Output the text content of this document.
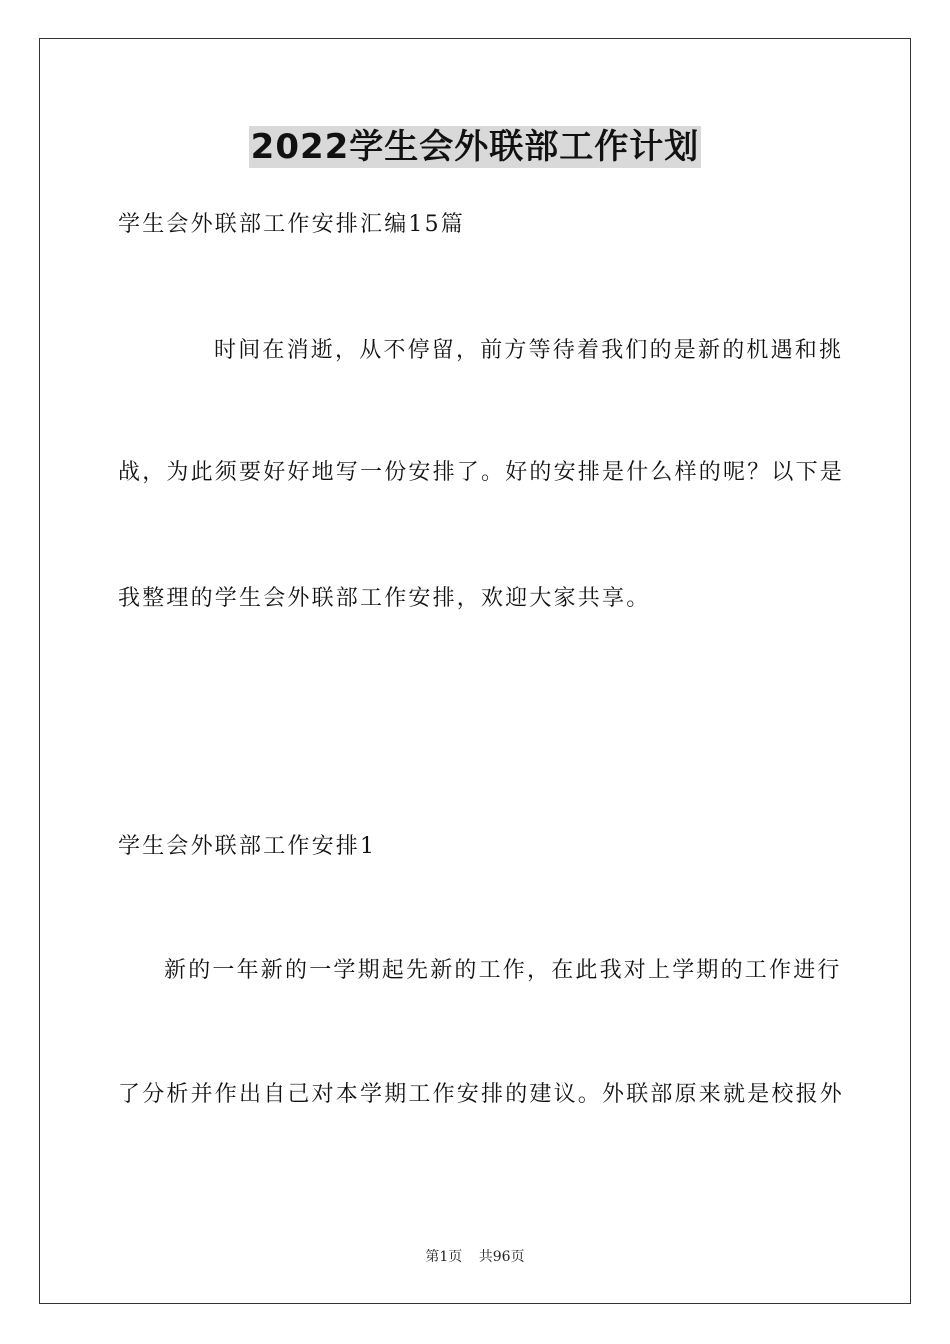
2022学生会外联部工作计划
学生会外联部工作安排汇编15篇
时间在消逝，从不停留，前方等待着我们的是新的机遇和挑
战，为此须要好好地写一份安排了。好的安排是什么样的呢？以下是
我整理的学生会外联部工作安排，欢迎大家共享。
学生会外联部工作安排1
新的一年新的一学期起先新的工作，在此我对上学期的工作进行
了分析并作出自己对本学期工作安排的建议。外联部原来就是校报外
第1页 共96页
